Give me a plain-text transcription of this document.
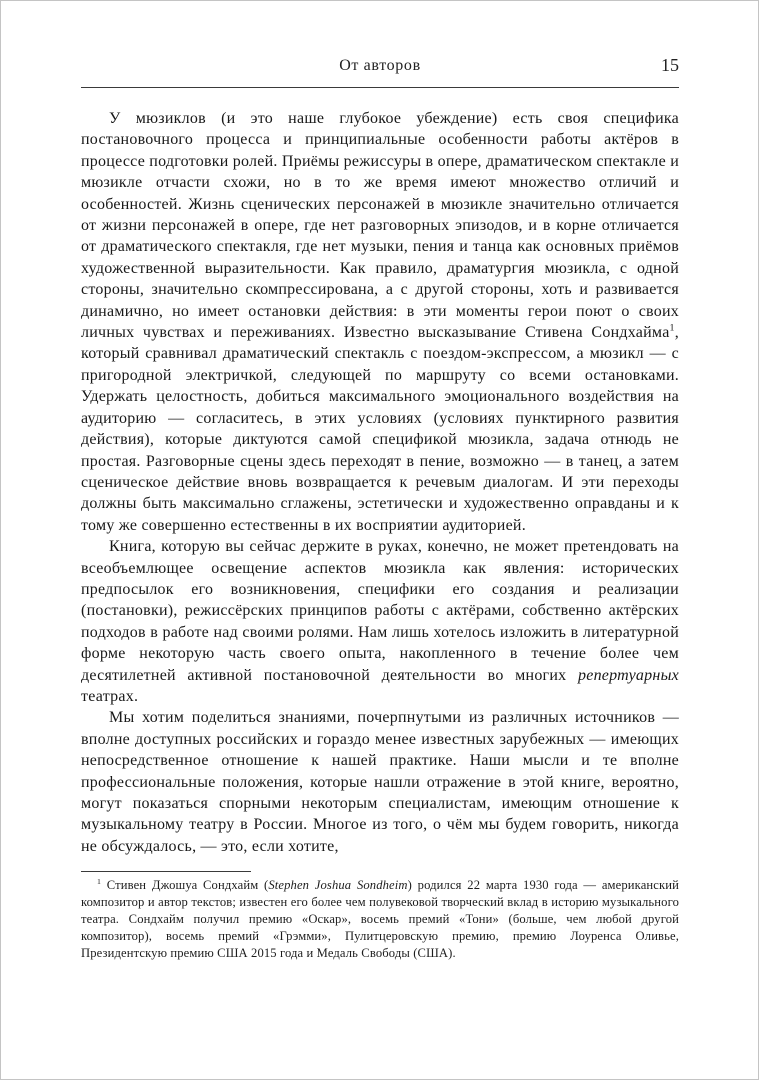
От авторов	15

У мюзиклов (и это наше глубокое убеждение) есть своя специфика постановочного процесса и принципиальные особенности работы актёров в процессе подготовки ролей. Приёмы режиссуры в опере, драматическом спектакле и мюзикле отчасти схожи, но в то же время имеют множество отличий и особенностей. Жизнь сценических персонажей в мюзикле значительно отличается от жизни персонажей в опере, где нет разговорных эпизодов, и в корне отличается от драматического спектакля, где нет музыки, пения и танца как основных приёмов художественной выразительности. Как правило, драматургия мюзикла, с одной стороны, значительно скомпрессирована, а с другой стороны, хоть и развивается динамично, но имеет остановки действия: в эти моменты герои поют о своих личных чувствах и переживаниях. Известно высказывание Стивена Сондхайма$^1$, который сравнивал драматический спектакль с поездом-экспрессом, а мюзикл — с пригородной электричкой, следующей по маршруту со всеми остановками. Удержать целостность, добиться максимального эмоционального воздействия на аудиторию — согласитесь, в этих условиях (условиях пунктирного развития действия), которые диктуются самой спецификой мюзикла, задача отнюдь не простая. Разговорные сцены здесь переходят в пение, возможно — в танец, а затем сценическое действие вновь возвращается к речевым диалогам. И эти переходы должны быть максимально сглажены, эстетически и художественно оправданы и к тому же совершенно естественны в их восприятии аудиторией.

Книга, которую вы сейчас держите в руках, конечно, не может претендовать на всеобъемлющее освещение аспектов мюзикла как явления: исторических предпосылок его возникновения, специфики его создания и реализации (постановки), режиссёрских принципов работы с актёрами, собственно актёрских подходов в работе над своими ролями. Нам лишь хотелось изложить в литературной форме некоторую часть своего опыта, накопленного в течение более чем десятилетней активной постановочной деятельности во многих репертуарных театрах.

Мы хотим поделиться знаниями, почерпнутыми из различных источников — вполне доступных российских и гораздо менее известных зарубежных — имеющих непосредственное отношение к нашей практике. Наши мысли и те вполне профессиональные положения, которые нашли отражение в этой книге, вероятно, могут показаться спорными некоторым специалистам, имеющим отношение к музыкальному театру в России. Многое из того, о чём мы будем говорить, никогда не обсуждалось, — это, если хотите,

$^1$ Стивен Джошуа Сондхайм (Stephen Joshua Sondheim) родился 22 марта 1930 года — американский композитор и автор текстов; известен его более чем полувековой творческий вклад в историю музыкального театра. Сондхайм получил премию «Оскар», восемь премий «Тони» (больше, чем любой другой композитор), восемь премий «Грэмми», Пулитцеровскую премию, премию Лоуренса Оливье, Президентскую премию США 2015 года и Медаль Свободы (США).
